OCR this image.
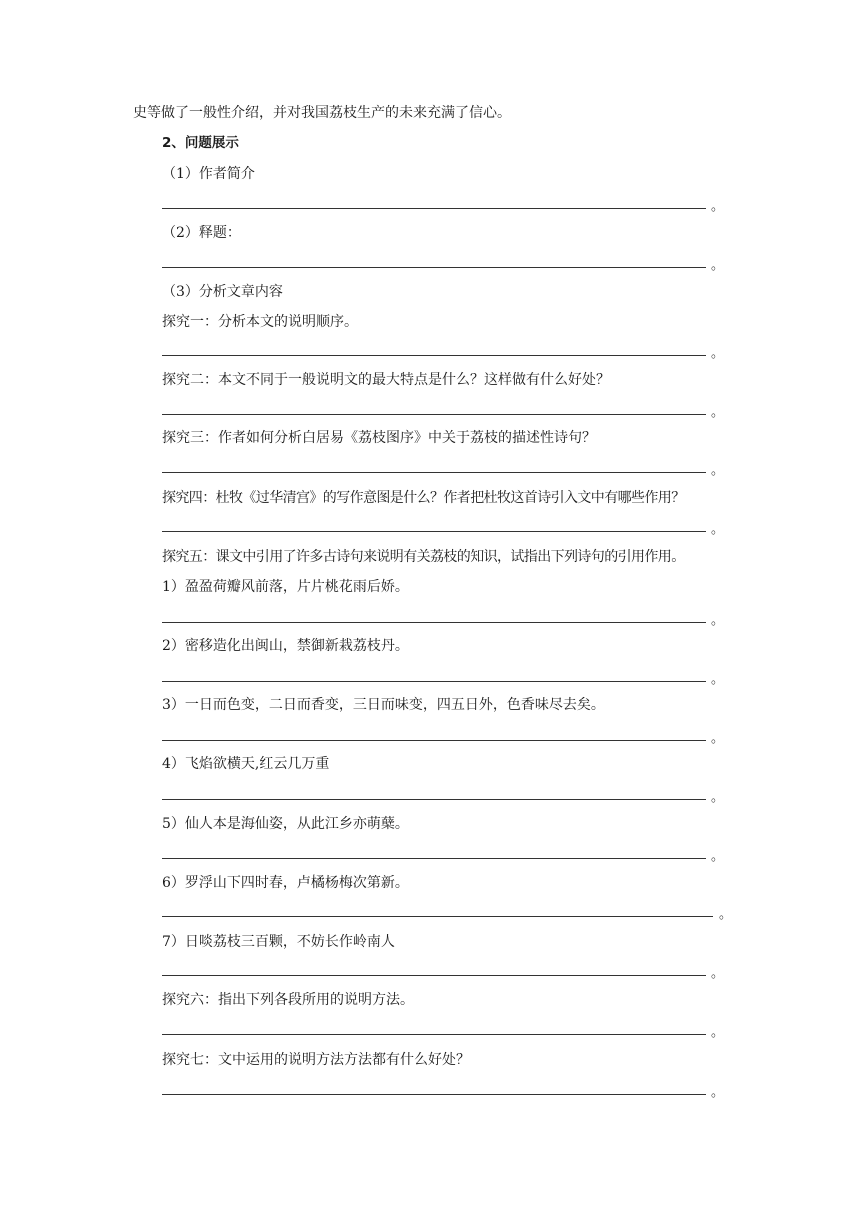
史等做了一般性介绍，并对我国荔枝生产的未来充满了信心。

2、问题展示

（1）作者简介

。

（2）释题：

。

（3）分析文章内容

探究一：分析本文的说明顺序。

。

探究二：本文不同于一般说明文的最大特点是什么？这样做有什么好处？

。

探究三：作者如何分析白居易《荔枝图序》中关于荔枝的描述性诗句？

。

探究四：杜牧《过华清宫》的写作意图是什么？作者把杜牧这首诗引入文中有哪些作用？

。

探究五：课文中引用了许多古诗句来说明有关荔枝的知识，试指出下列诗句的引用作用。

1）盈盈荷瓣风前落，片片桃花雨后娇。

。

2）密移造化出闽山，禁御新栽荔枝丹。

。

3）一日而色变，二日而香变，三日而味变，四五日外，色香味尽去矣。

。

4）飞焰欲横天,红云几万重

。

5）仙人本是海仙姿，从此江乡亦萌蘖。

。

6）罗浮山下四时春，卢橘杨梅次第新。

。

7）日啖荔枝三百颗，不妨长作岭南人

。

探究六：指出下列各段所用的说明方法。

。

探究七：文中运用的说明方法方法都有什么好处？

。
